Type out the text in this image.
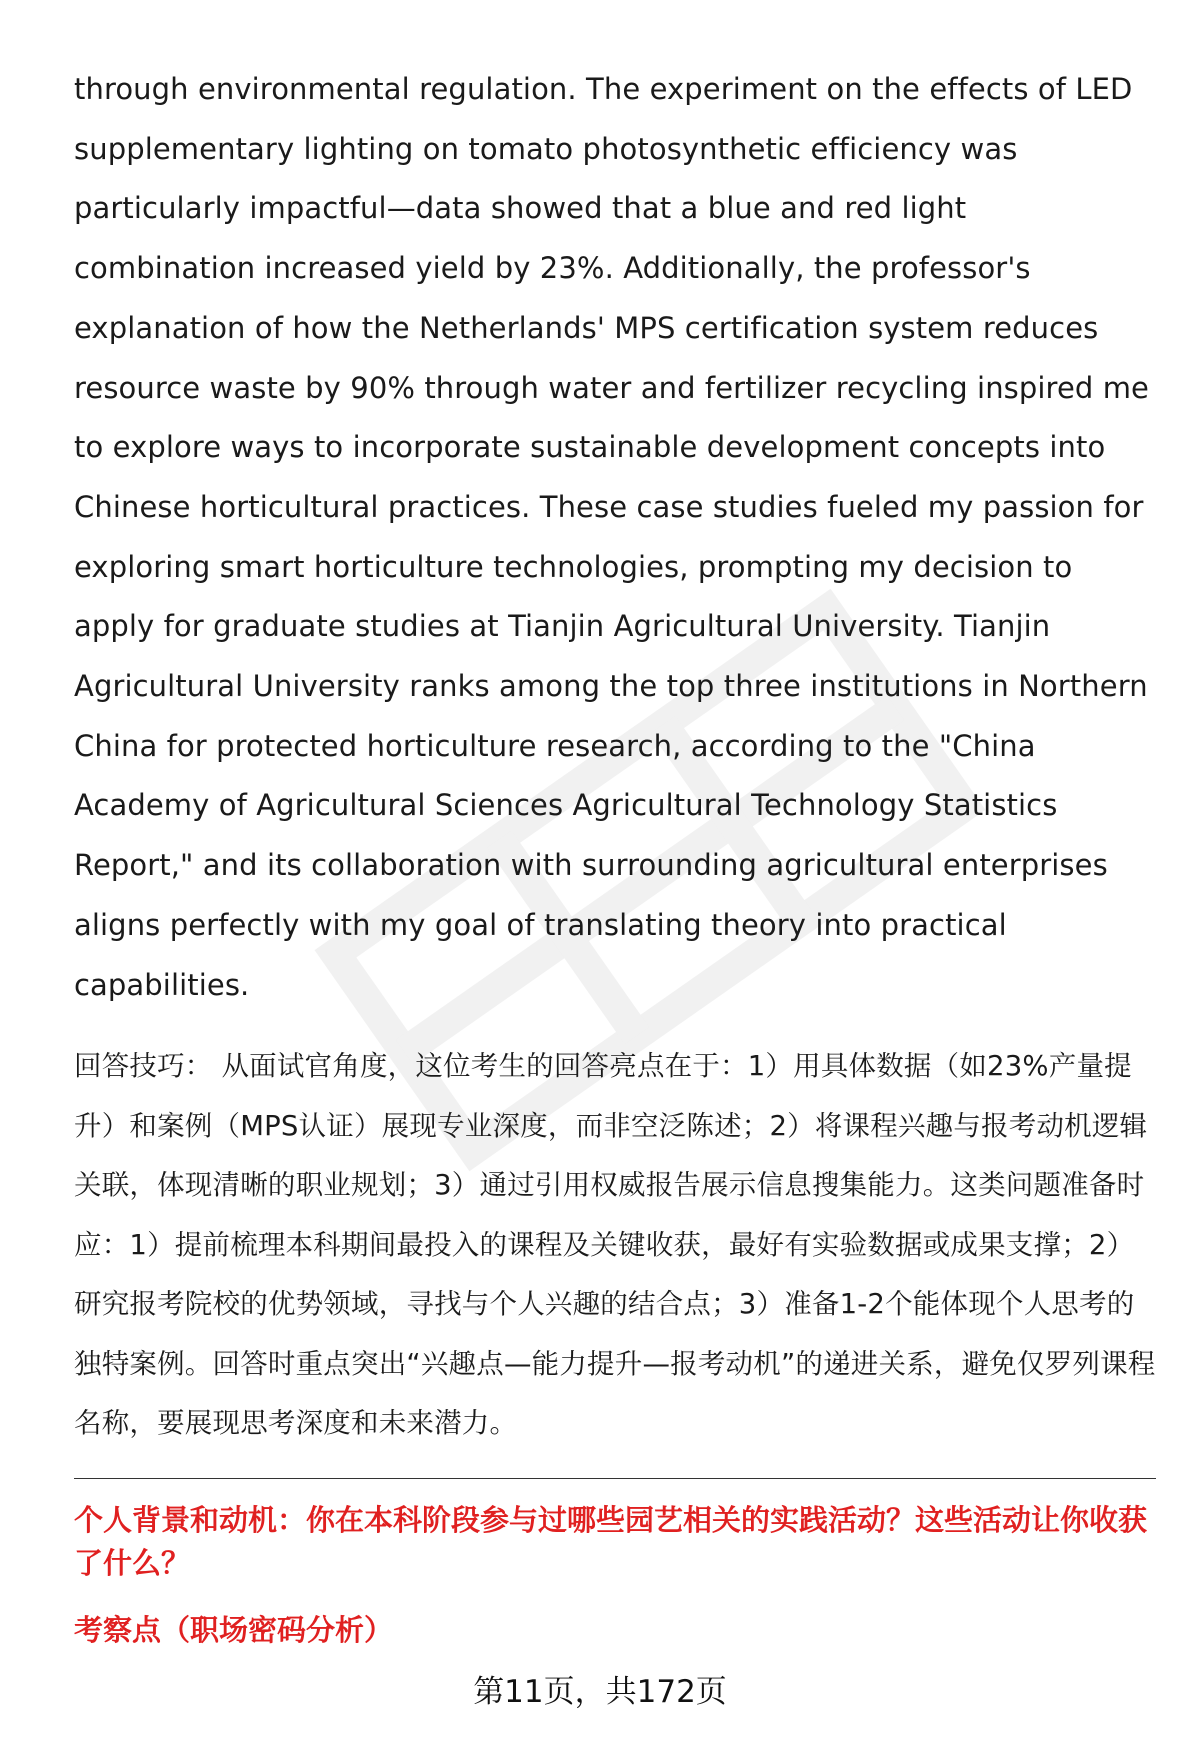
through environmental regulation. The experiment on the effects of LED supplementary lighting on tomato photosynthetic efficiency was particularly impactful—data showed that a blue and red light combination increased yield by 23%. Additionally, the professor's explanation of how the Netherlands' MPS certification system reduces resource waste by 90% through water and fertilizer recycling inspired me to explore ways to incorporate sustainable development concepts into Chinese horticultural practices. These case studies fueled my passion for exploring smart horticulture technologies, prompting my decision to apply for graduate studies at Tianjin Agricultural University. Tianjin Agricultural University ranks among the top three institutions in Northern China for protected horticulture research, according to the "China Academy of Agricultural Sciences Agricultural Technology Statistics Report," and its collaboration with surrounding agricultural enterprises aligns perfectly with my goal of translating theory into practical capabilities.

回答技巧： 从面试官角度，这位考生的回答亮点在于：1）用具体数据（如23%产量提升）和案例（MPS认证）展现专业深度，而非空泛陈述；2）将课程兴趣与报考动机逻辑关联，体现清晰的职业规划；3）通过引用权威报告展示信息搜集能力。这类问题准备时应：1）提前梳理本科期间最投入的课程及关键收获，最好有实验数据或成果支撑；2）研究报考院校的优势领域，寻找与个人兴趣的结合点；3）准备1-2个能体现个人思考的独特案例。回答时重点突出“兴趣点—能力提升—报考动机”的递进关系，避免仅罗列课程名称，要展现思考深度和未来潜力。

个人背景和动机：你在本科阶段参与过哪些园艺相关的实践活动？这些活动让你收获了什么？
考察点（职场密码分析）
第11页，共172页
